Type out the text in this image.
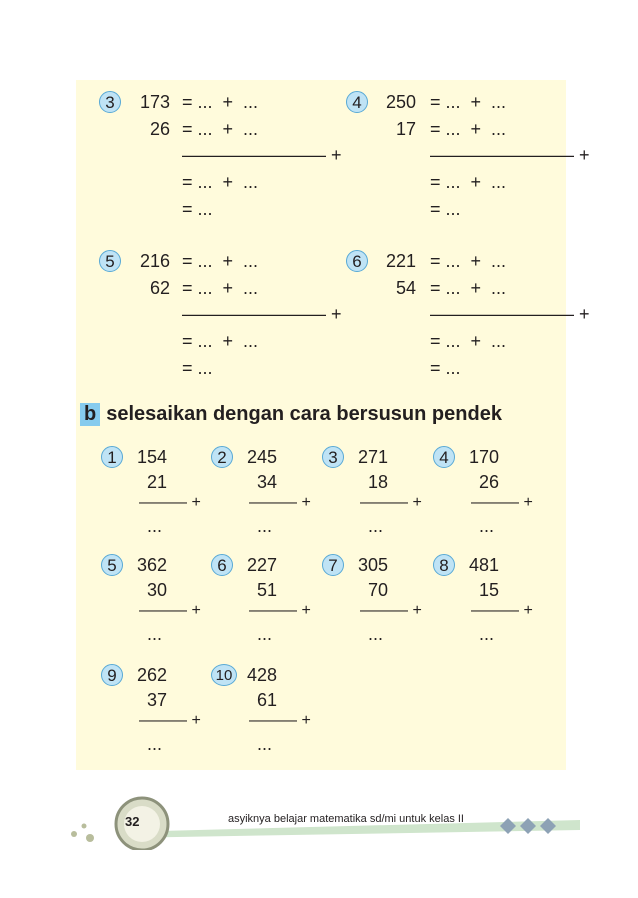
3	173
26
= ...  +  ...
= ...  +  ...
———————— +
= ...  +  ...
= ...
4	250
17
= ...  +  ...
= ...  +  ...
———————— +
= ...  +  ...
= ...
5	216
62
= ...  +  ...
= ...  +  ...
———————— +
= ...  +  ...
= ...
6	221
54
= ...  +  ...
= ...  +  ...
———————— +
= ...  +  ...
= ...
b selesaikan dengan cara bersusun pendek
1	154
21
——— +
...
2	245
34
——— +
...
3	271
18
——— +
...
4	170
26
——— +
...
5	362
30
——— +
...
6	227
51
——— +
...
7	305
70
——— +
...
8	481
15
——— +
...
9	262
37
——— +
...
10 428
61
——— +
...
32	asyiknya belajar matematika sd/mi untuk kelas II
